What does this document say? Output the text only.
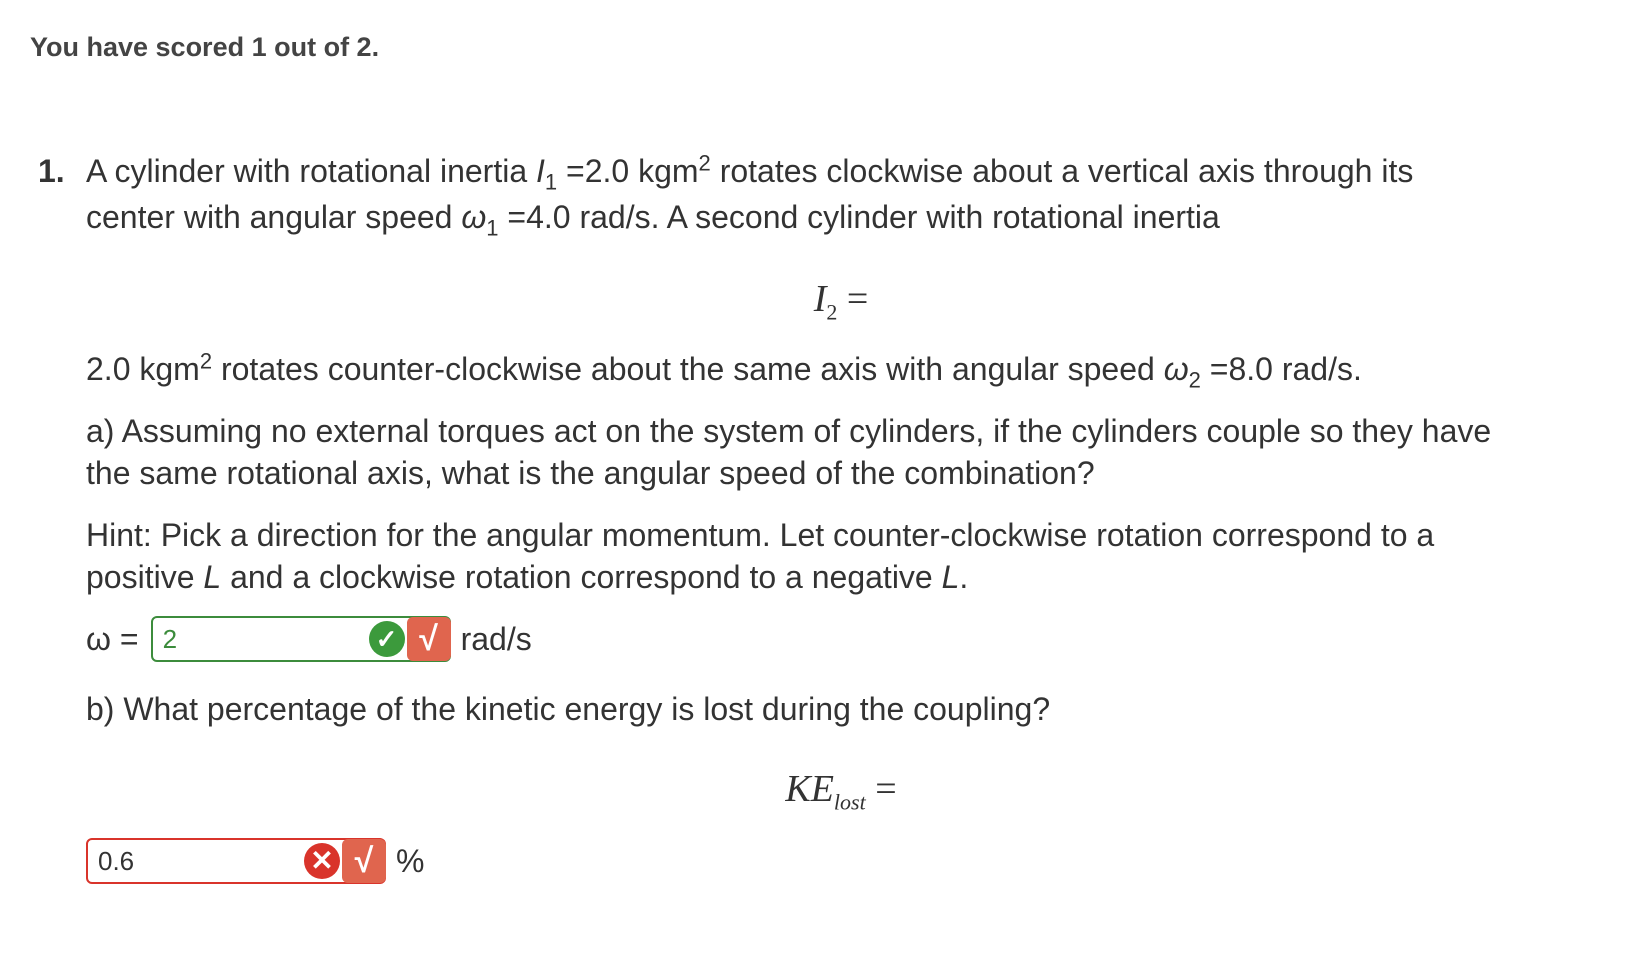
You have scored 1 out of 2.
1. A cylinder with rotational inertia $I_1 =2.0$ kgm$^2$ rotates clockwise about a vertical axis through its
center with angular speed $\omega_1 =4.0$ rad/s. A second cylinder with rotational inertia
$I_2$ =
2.0 kgm$^2$ rotates counter-clockwise about the same axis with angular speed $\omega_2 =8.0$ rad/s.
a) Assuming no external torques act on the system of cylinders, if the cylinders couple so they have
the same rotational axis, what is the angular speed of the combination?
Hint: Pick a direction for the angular momentum. Let counter-clockwise rotation correspond to a
positive L and a clockwise rotation correspond to a negative L.
ω = 2	✓ √ rad/s
b) What percentage of the kinetic energy is lost during the coupling?
$KE_{lost}$ =
0.6	✕ √ %
